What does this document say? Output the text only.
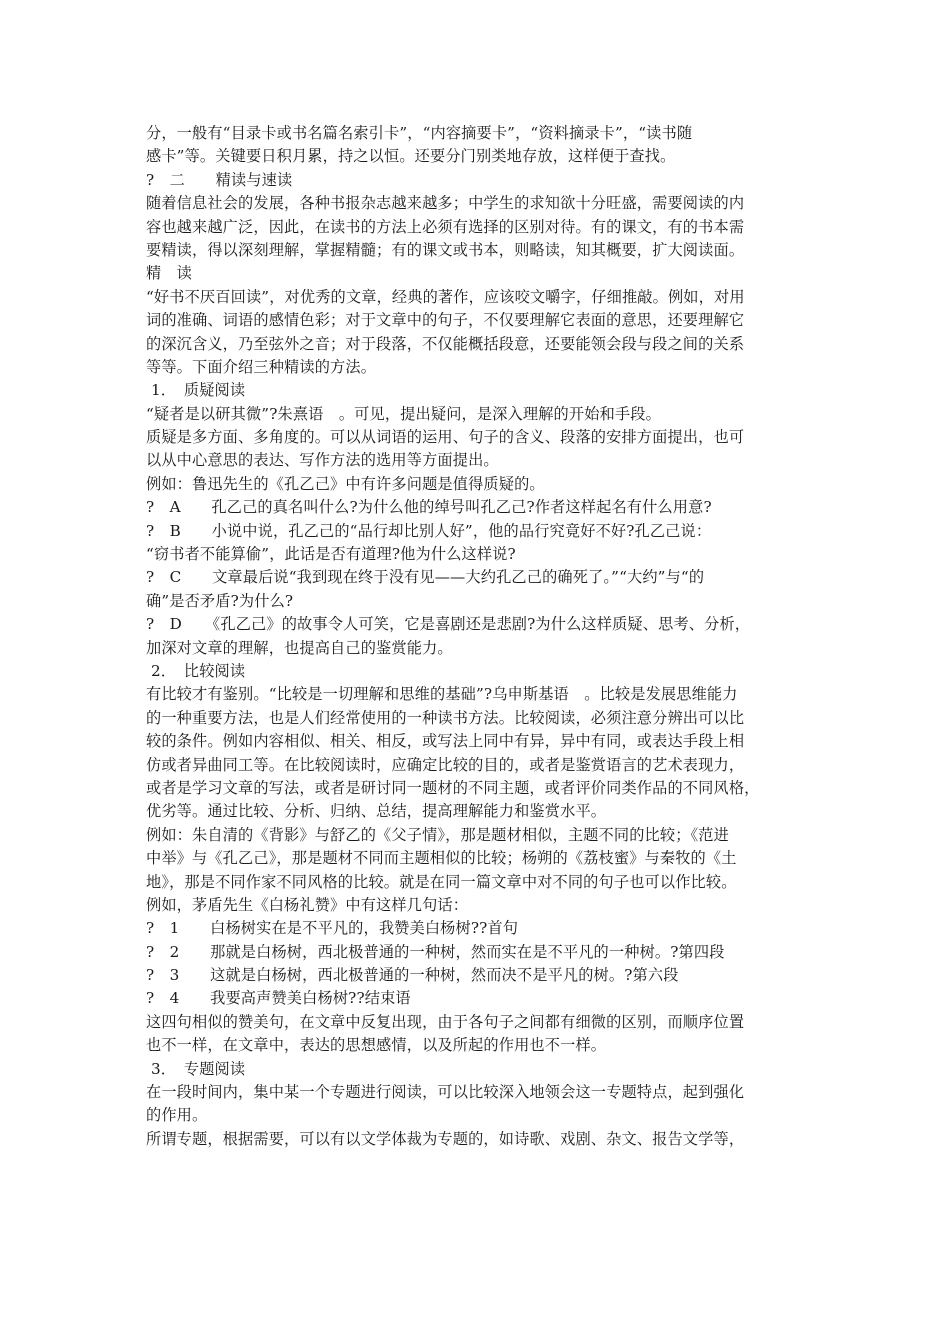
分，一般有“目录卡或书名篇名索引卡”，“内容摘要卡”，“资料摘录卡”，“读书随
感卡”等。关键要日积月累，持之以恒。还要分门别类地存放，这样便于查找。
?　二　　精读与速读
随着信息社会的发展，各种书报杂志越来越多；中学生的求知欲十分旺盛，需要阅读的内
容也越来越广泛，因此，在读书的方法上必须有选择的区别对待。有的课文，有的书本需
要精读，得以深刻理解，掌握精髓；有的课文或书本，则略读，知其概要，扩大阅读面。
精　读
“好书不厌百回读”，对优秀的文章，经典的著作，应该咬文嚼字，仔细推敲。例如，对用
词的准确、词语的感情色彩；对于文章中的句子，不仅要理解它表面的意思，还要理解它
的深沉含义，乃至弦外之音；对于段落，不仅能概括段意，还要能领会段与段之间的关系
等等。下面介绍三种精读的方法。
1．　质疑阅读
“疑者是以研其微”?朱熹语　。可见，提出疑问，是深入理解的开始和手段。
质疑是多方面、多角度的。可以从词语的运用、句子的含义、段落的安排方面提出，也可
以从中心意思的表达、写作方法的选用等方面提出。
例如：鲁迅先生的《孔乙己》中有许多问题是值得质疑的。
?　A　　孔乙己的真名叫什么?为什么他的绰号叫孔乙己?作者这样起名有什么用意?
?　B　　小说中说，孔乙己的“品行却比别人好”，他的品行究竟好不好?孔乙己说：
“窃书者不能算偷”，此话是否有道理?他为什么这样说?
?　C　　文章最后说“我到现在终于没有见——大约孔乙己的确死了。”“大约”与“的
确”是否矛盾?为什么?
?　D　　《孔乙己》的故事令人可笑，它是喜剧还是悲剧?为什么这样质疑、思考、分析，
加深对文章的理解，也提高自己的鉴赏能力。
2．　比较阅读
有比较才有鉴别。“比较是一切理解和思维的基础”?乌申斯基语　。比较是发展思维能力
的一种重要方法，也是人们经常使用的一种读书方法。比较阅读，必须注意分辨出可以比
较的条件。例如内容相似、相关、相反，或写法上同中有异，异中有同，或表达手段上相
仿或者异曲同工等。在比较阅读时，应确定比较的目的，或者是鉴赏语言的艺术表现力，
或者是学习文章的写法，或者是研讨同一题材的不同主题，或者评价同类作品的不同风格，
优劣等。通过比较、分析、归纳、总结，提高理解能力和鉴赏水平。
例如：朱自清的《背影》与舒乙的《父子情》，那是题材相似，主题不同的比较；《范进
中举》与《孔乙己》，那是题材不同而主题相似的比较；杨朔的《荔枝蜜》与秦牧的《土
地》，那是不同作家不同风格的比较。就是在同一篇文章中对不同的句子也可以作比较。
例如，茅盾先生《白杨礼赞》中有这样几句话：
?　1　　白杨树实在是不平凡的，我赞美白杨树??首句
?　2　　那就是白杨树，西北极普通的一种树，然而实在是不平凡的一种树。?第四段
?　3　　这就是白杨树，西北极普通的一种树，然而决不是平凡的树。?第六段
?　4　　我要高声赞美白杨树??结束语
这四句相似的赞美句，在文章中反复出现，由于各句子之间都有细微的区别，而顺序位置
也不一样，在文章中，表达的思想感情，以及所起的作用也不一样。
3．　专题阅读
在一段时间内，集中某一个专题进行阅读，可以比较深入地领会这一专题特点，起到强化
的作用。
所谓专题，根据需要，可以有以文学体裁为专题的，如诗歌、戏剧、杂文、报告文学等，
